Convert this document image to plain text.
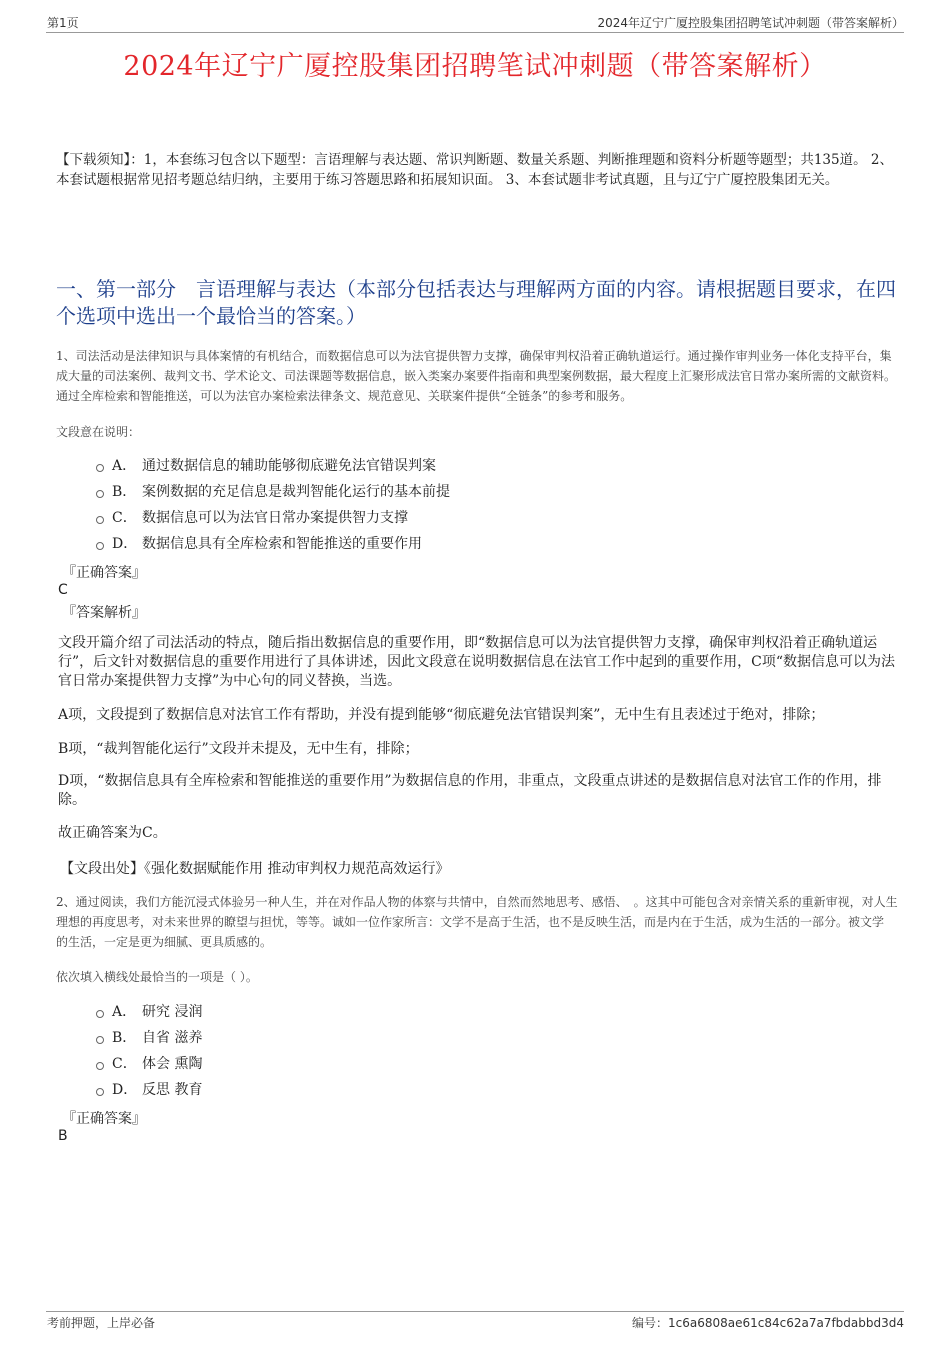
第1页	2024年辽宁广厦控股集团招聘笔试冲刺题（带答案解析）
2024年辽宁广厦控股集团招聘笔试冲刺题（带答案解析）
【下载须知】：1，本套练习包含以下题型：言语理解与表达题、常识判断题、数量关系题、判断推理题和资料分析题等题型；共135道。 2、本套试题根据常见招考题总结归纳，主要用于练习答题思路和拓展知识面。 3、本套试题非考试真题，且与辽宁广厦控股集团无关。
一、第一部分　言语理解与表达（本部分包括表达与理解两方面的内容。请根据题目要求，在四个选项中选出一个最恰当的答案。）
1、司法活动是法律知识与具体案情的有机结合，而数据信息可以为法官提供智力支撑，确保审判权沿着正确轨道运行。通过操作审判业务一体化支持平台，集成大量的司法案例、裁判文书、学术论文、司法课题等数据信息，嵌入类案办案要件指南和典型案例数据，最大程度上汇聚形成法官日常办案所需的文献资料。通过全库检索和智能推送，可以为法官办案检索法律条文、规范意见、关联案件提供“全链条”的参考和服务。
文段意在说明：
A． 通过数据信息的辅助能够彻底避免法官错误判案
B． 案例数据的充足信息是裁判智能化运行的基本前提
C． 数据信息可以为法官日常办案提供智力支撑
D． 数据信息具有全库检索和智能推送的重要作用
『正确答案』
C
『答案解析』
文段开篇介绍了司法活动的特点，随后指出数据信息的重要作用，即“数据信息可以为法官提供智力支撑，确保审判权沿着正确轨道运行”，后文针对数据信息的重要作用进行了具体讲述，因此文段意在说明数据信息在法官工作中起到的重要作用，C项“数据信息可以为法官日常办案提供智力支撑”为中心句的同义替换，当选。
A项，文段提到了数据信息对法官工作有帮助，并没有提到能够“彻底避免法官错误判案”，无中生有且表述过于绝对，排除；
B项，“裁判智能化运行”文段并未提及，无中生有，排除；
D项，“数据信息具有全库检索和智能推送的重要作用”为数据信息的作用，非重点，文段重点讲述的是数据信息对法官工作的作用，排除。
故正确答案为C。
【文段出处】《强化数据赋能作用 推动审判权力规范高效运行》
2、通过阅读，我们方能沉浸式体验另一种人生，并在对作品人物的体察与共情中，自然而然地思考、感悟、　。这其中可能包含对亲情关系的重新审视，对人生理想的再度思考，对未来世界的瞭望与担忧，等等。诚如一位作家所言：文学不是高于生活，也不是反映生活，而是内在于生活，成为生活的一部分。被文学　的生活，一定是更为细腻、更具质感的。
依次填入横线处最恰当的一项是（ ）。
A． 研究 浸润
B． 自省 滋养
C． 体会 熏陶
D． 反思 教育
『正确答案』
B
考前押题，上岸必备	编号：1c6a6808ae61c84c62a7a7fbdabbd3d4
